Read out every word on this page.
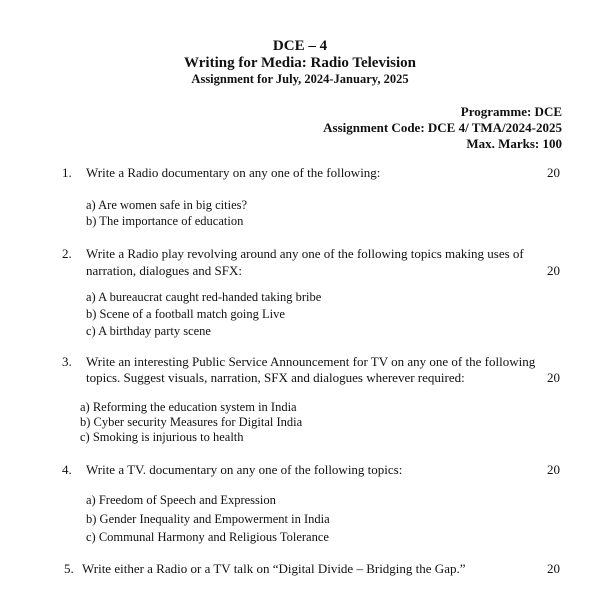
DCE – 4
Writing for Media: Radio Television
Assignment for July, 2024-January, 2025
Programme: DCE
Assignment Code: DCE 4/ TMA/2024-2025
Max. Marks: 100
1. Write a Radio documentary on any one of the following:	20
a) Are women safe in big cities?
b) The importance of education
2. Write a Radio play revolving around any one of the following topics making uses of
narration, dialogues and SFX:	20
a) A bureaucrat caught red-handed taking bribe
b) Scene of a football match going Live
c) A birthday party scene
3. Write an interesting Public Service Announcement for TV on any one of the following
topics. Suggest visuals, narration, SFX and dialogues wherever required:	20
a) Reforming the education system in India
b) Cyber security Measures for Digital India
c) Smoking is injurious to health
4. Write a TV. documentary on any one of the following topics:	20
a) Freedom of Speech and Expression
b) Gender Inequality and Empowerment in India
c) Communal Harmony and Religious Tolerance
5. Write either a Radio or a TV talk on “Digital Divide – Bridging the Gap.”	20
